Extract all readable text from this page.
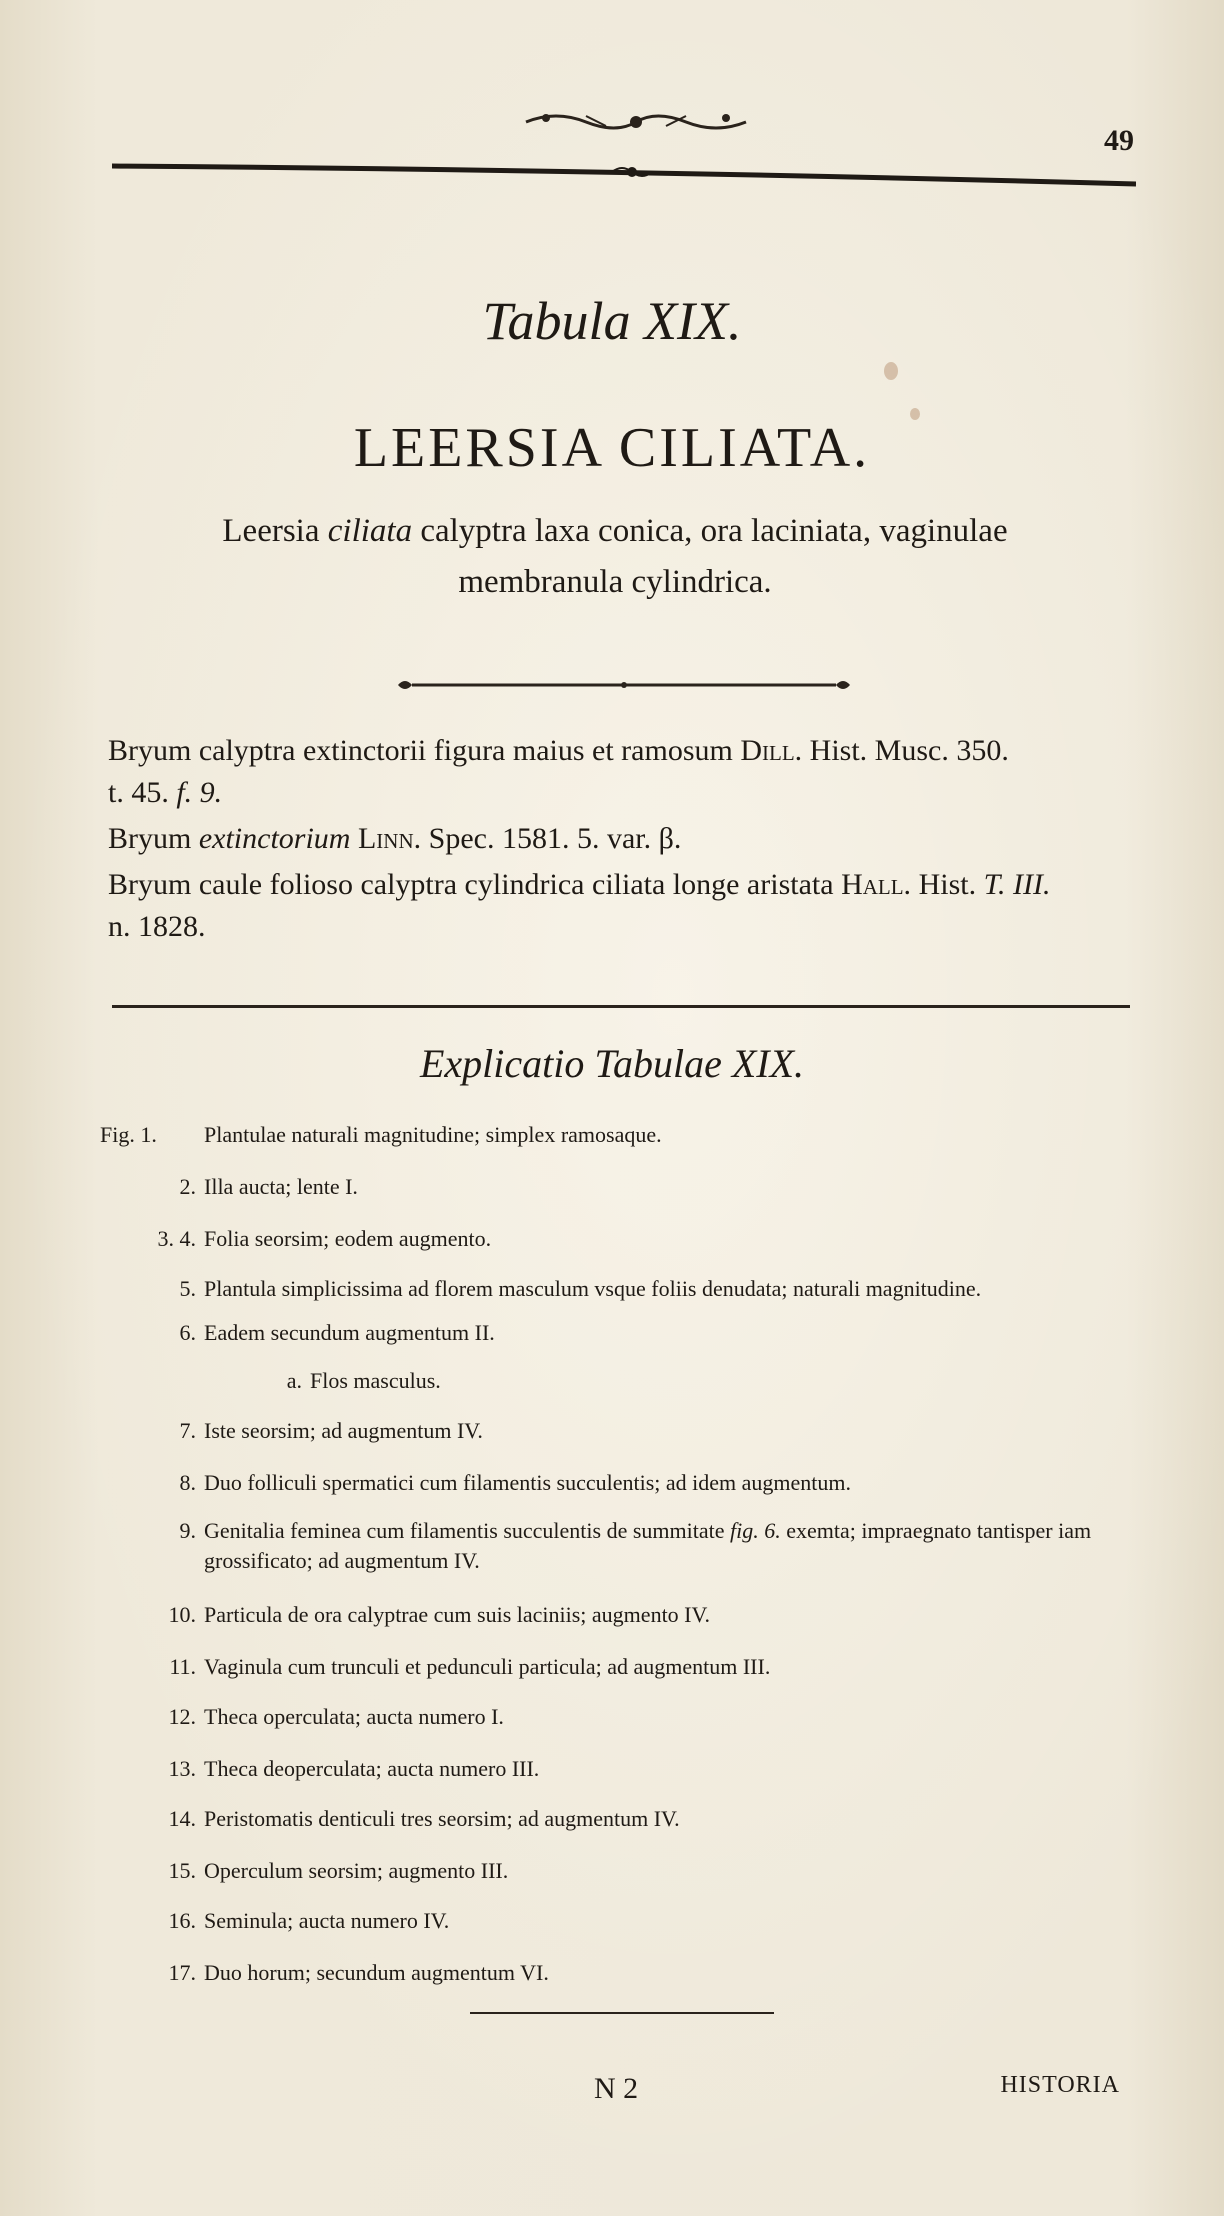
49
Tabula XIX.
LEERSIA CILIATA.
Leersia ciliata calyptra laxa conica, ora laciniata, vaginulae
membranula cylindrica.
Bryum calyptra extinctorii figura maius et ramosum Dill. Hist. Musc. 350.
t. 45. f. 9.
Bryum extinctorium Linn. Spec. 1581. 5. var. β.
Bryum caule folioso calyptra cylindrica ciliata longe aristata Hall. Hist. T. III.
n. 1828.
Explicatio Tabulae XIX.
Fig. 1.	Plantulae naturali magnitudine; simplex ramosaque.
2. Illa aucta; lente I.
3. 4. Folia seorsim; eodem augmento.
5. Plantula simplicissima ad florem masculum vsque foliis denudata; naturali magnitudine.
6. Eadem secundum augmentum II.
a. Flos masculus.
7. Iste seorsim; ad augmentum IV.
8. Duo folliculi spermatici cum filamentis succulentis; ad idem augmentum.
9. Genitalia feminea cum filamentis succulentis de summitate fig. 6. exemta; impraegnato tantisper iam grossificato; ad augmentum IV.
10. Particula de ora calyptrae cum suis laciniis; augmento IV.
11. Vaginula cum trunculi et pedunculi particula; ad augmentum III.
12. Theca operculata; aucta numero I.
13. Theca deoperculata; aucta numero III.
14. Peristomatis denticuli tres seorsim; ad augmentum IV.
15. Operculum seorsim; augmento III.
16. Seminula; aucta numero IV.
17. Duo horum; secundum augmentum VI.
N 2	HISTORIA
